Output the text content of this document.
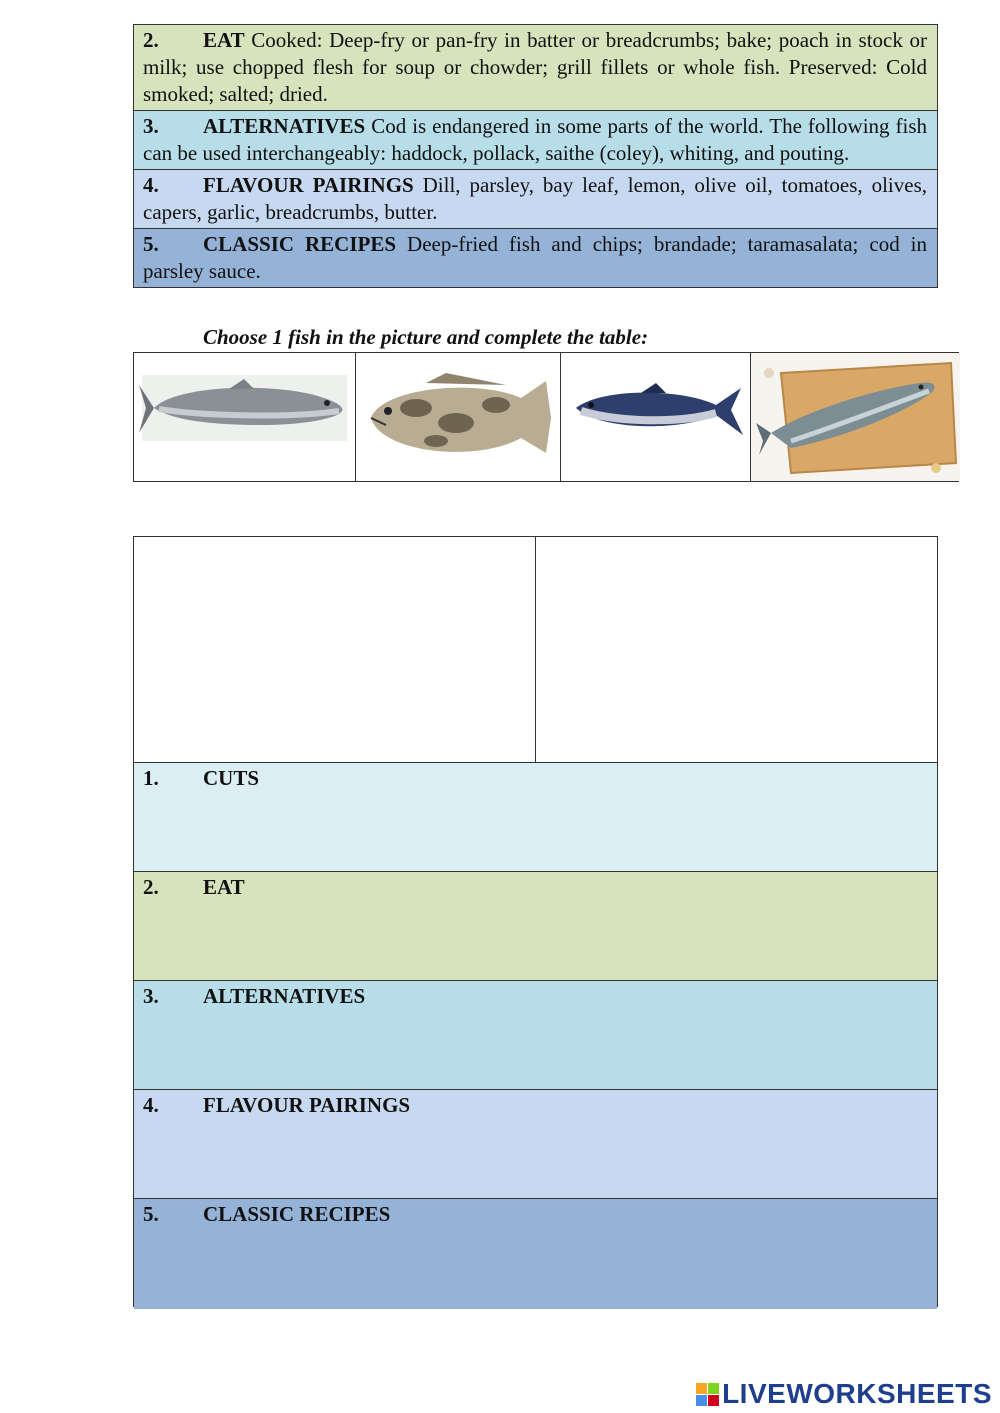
2. EAT Cooked: Deep-fry or pan-fry in batter or breadcrumbs; bake; poach in stock or milk; use chopped flesh for soup or chowder; grill fillets or whole fish. Preserved: Cold smoked; salted; dried.
3. ALTERNATIVES Cod is endangered in some parts of the world. The following fish can be used interchangeably: haddock, pollack, saithe (coley), whiting, and pouting.
4. FLAVOUR PAIRINGS Dill, parsley, bay leaf, lemon, olive oil, tomatoes, olives, capers, garlic, breadcrumbs, butter.
5. CLASSIC RECIPES Deep-fried fish and chips; brandade; taramasalata; cod in parsley sauce.
Choose 1 fish in the picture and complete the table:
1. CUTS
2. EAT
3. ALTERNATIVES
4. FLAVOUR PAIRINGS
5. CLASSIC RECIPES
LIVEWORKSHEETS
